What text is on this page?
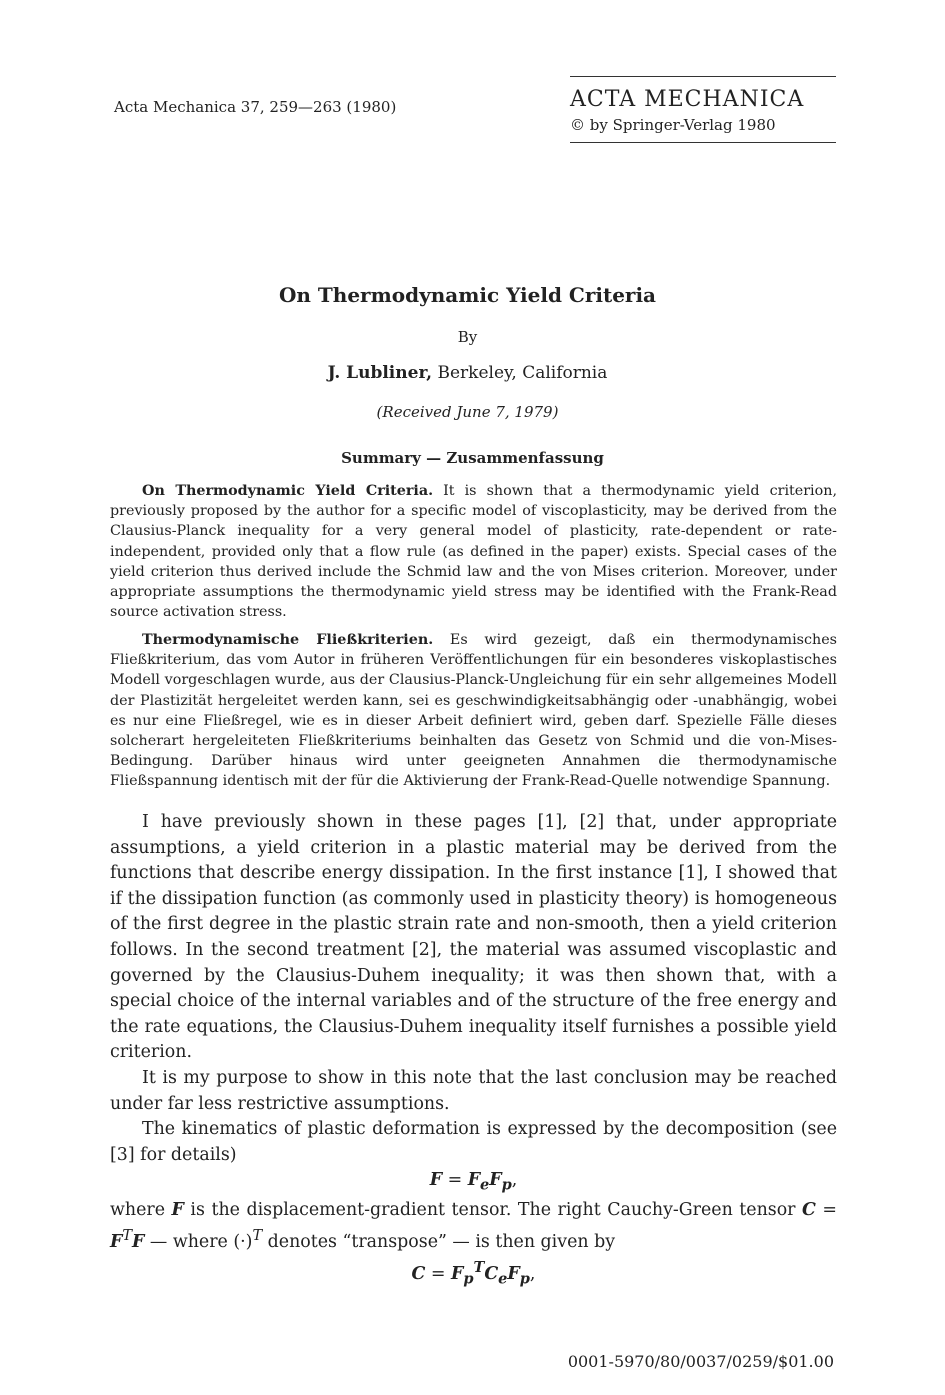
Acta Mechanica 37, 259—263 (1980)	ACTA MECHANICA
© by Springer-Verlag 1980
On Thermodynamic Yield Criteria
By
J. Lubliner, Berkeley, California
(Received June 7, 1979)
Summary — Zusammenfassung

On Thermodynamic Yield Criteria. It is shown that a thermodynamic yield criterion, previously proposed by the author for a specific model of viscoplasticity, may be derived from the Clausius-Planck inequality for a very general model of plasticity, rate-dependent or rate-independent, provided only that a flow rule (as defined in the paper) exists. Special cases of the yield criterion thus derived include the Schmid law and the von Mises criterion. Moreover, under appropriate assumptions the thermodynamic yield stress may be identified with the Frank-Read source activation stress.

Thermodynamische Fließkriterien. Es wird gezeigt, daß ein thermodynamisches Fließkriterium, das vom Autor in früheren Veröffentlichungen für ein besonderes viskoplastisches Modell vorgeschlagen wurde, aus der Clausius-Planck-Ungleichung für ein sehr allgemeines Modell der Plastizität hergeleitet werden kann, sei es geschwindigkeitsabhängig oder -unabhängig, wobei es nur eine Fließregel, wie es in dieser Arbeit definiert wird, geben darf. Spezielle Fälle dieses solcherart hergeleiteten Fließkriteriums beinhalten das Gesetz von Schmid und die von-Mises-Bedingung. Darüber hinaus wird unter geeigneten Annahmen die thermodynamische Fließspannung identisch mit der für die Aktivierung der Frank-Read-Quelle notwendige Spannung.

I have previously shown in these pages [1], [2] that, under appropriate assumptions, a yield criterion in a plastic material may be derived from the functions that describe energy dissipation. In the first instance [1], I showed that if the dissipation function (as commonly used in plasticity theory) is homogeneous of the first degree in the plastic strain rate and non-smooth, then a yield criterion follows. In the second treatment [2], the material was assumed viscoplastic and governed by the Clausius-Duhem inequality; it was then shown that, with a special choice of the internal variables and of the structure of the free energy and the rate equations, the Clausius-Duhem inequality itself furnishes a possible yield criterion.

It is my purpose to show in this note that the last conclusion may be reached under far less restrictive assumptions.

The kinematics of plastic deformation is expressed by the decomposition (see [3] for details)

$F = F_eF_p$,

where F is the displacement-gradient tensor. The right Cauchy-Green tensor $C = F^TF$ — where $(\cdot)^T$ denotes “transpose” — is then given by

$C = F_p^TC_eF_p$,

0001-5970/80/0037/0259/$01.00
